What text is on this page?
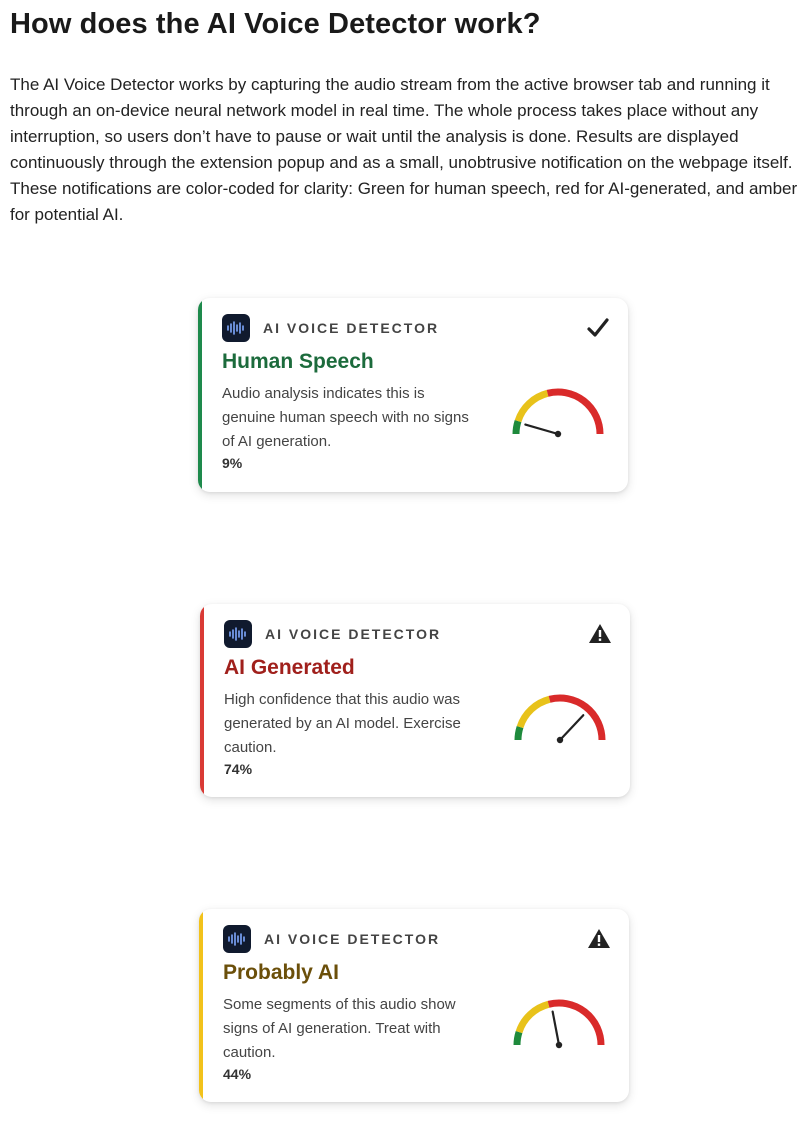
How does the AI Voice Detector work?

The AI Voice Detector works by capturing the audio stream from the active browser tab and running it through an on-device neural network model in real time. The whole process takes place without any interruption, so users don’t have to pause or wait until the analysis is done. Results are displayed continuously through the extension popup and as a small, unobtrusive notification on the webpage itself. These notifications are color-coded for clarity: Green for human speech, red for AI-generated, and amber for potential AI.

AI VOICE DETECTOR
Human Speech

Audio analysis indicates this is genuine human speech with no signs of AI generation.

9%
AI VOICE DETECTOR
AI Generated

High confidence that this audio was generated by an AI model. Exercise caution.

74%
AI VOICE DETECTOR
Probably AI

Some segments of this audio show signs of AI generation. Treat with caution.

44%
